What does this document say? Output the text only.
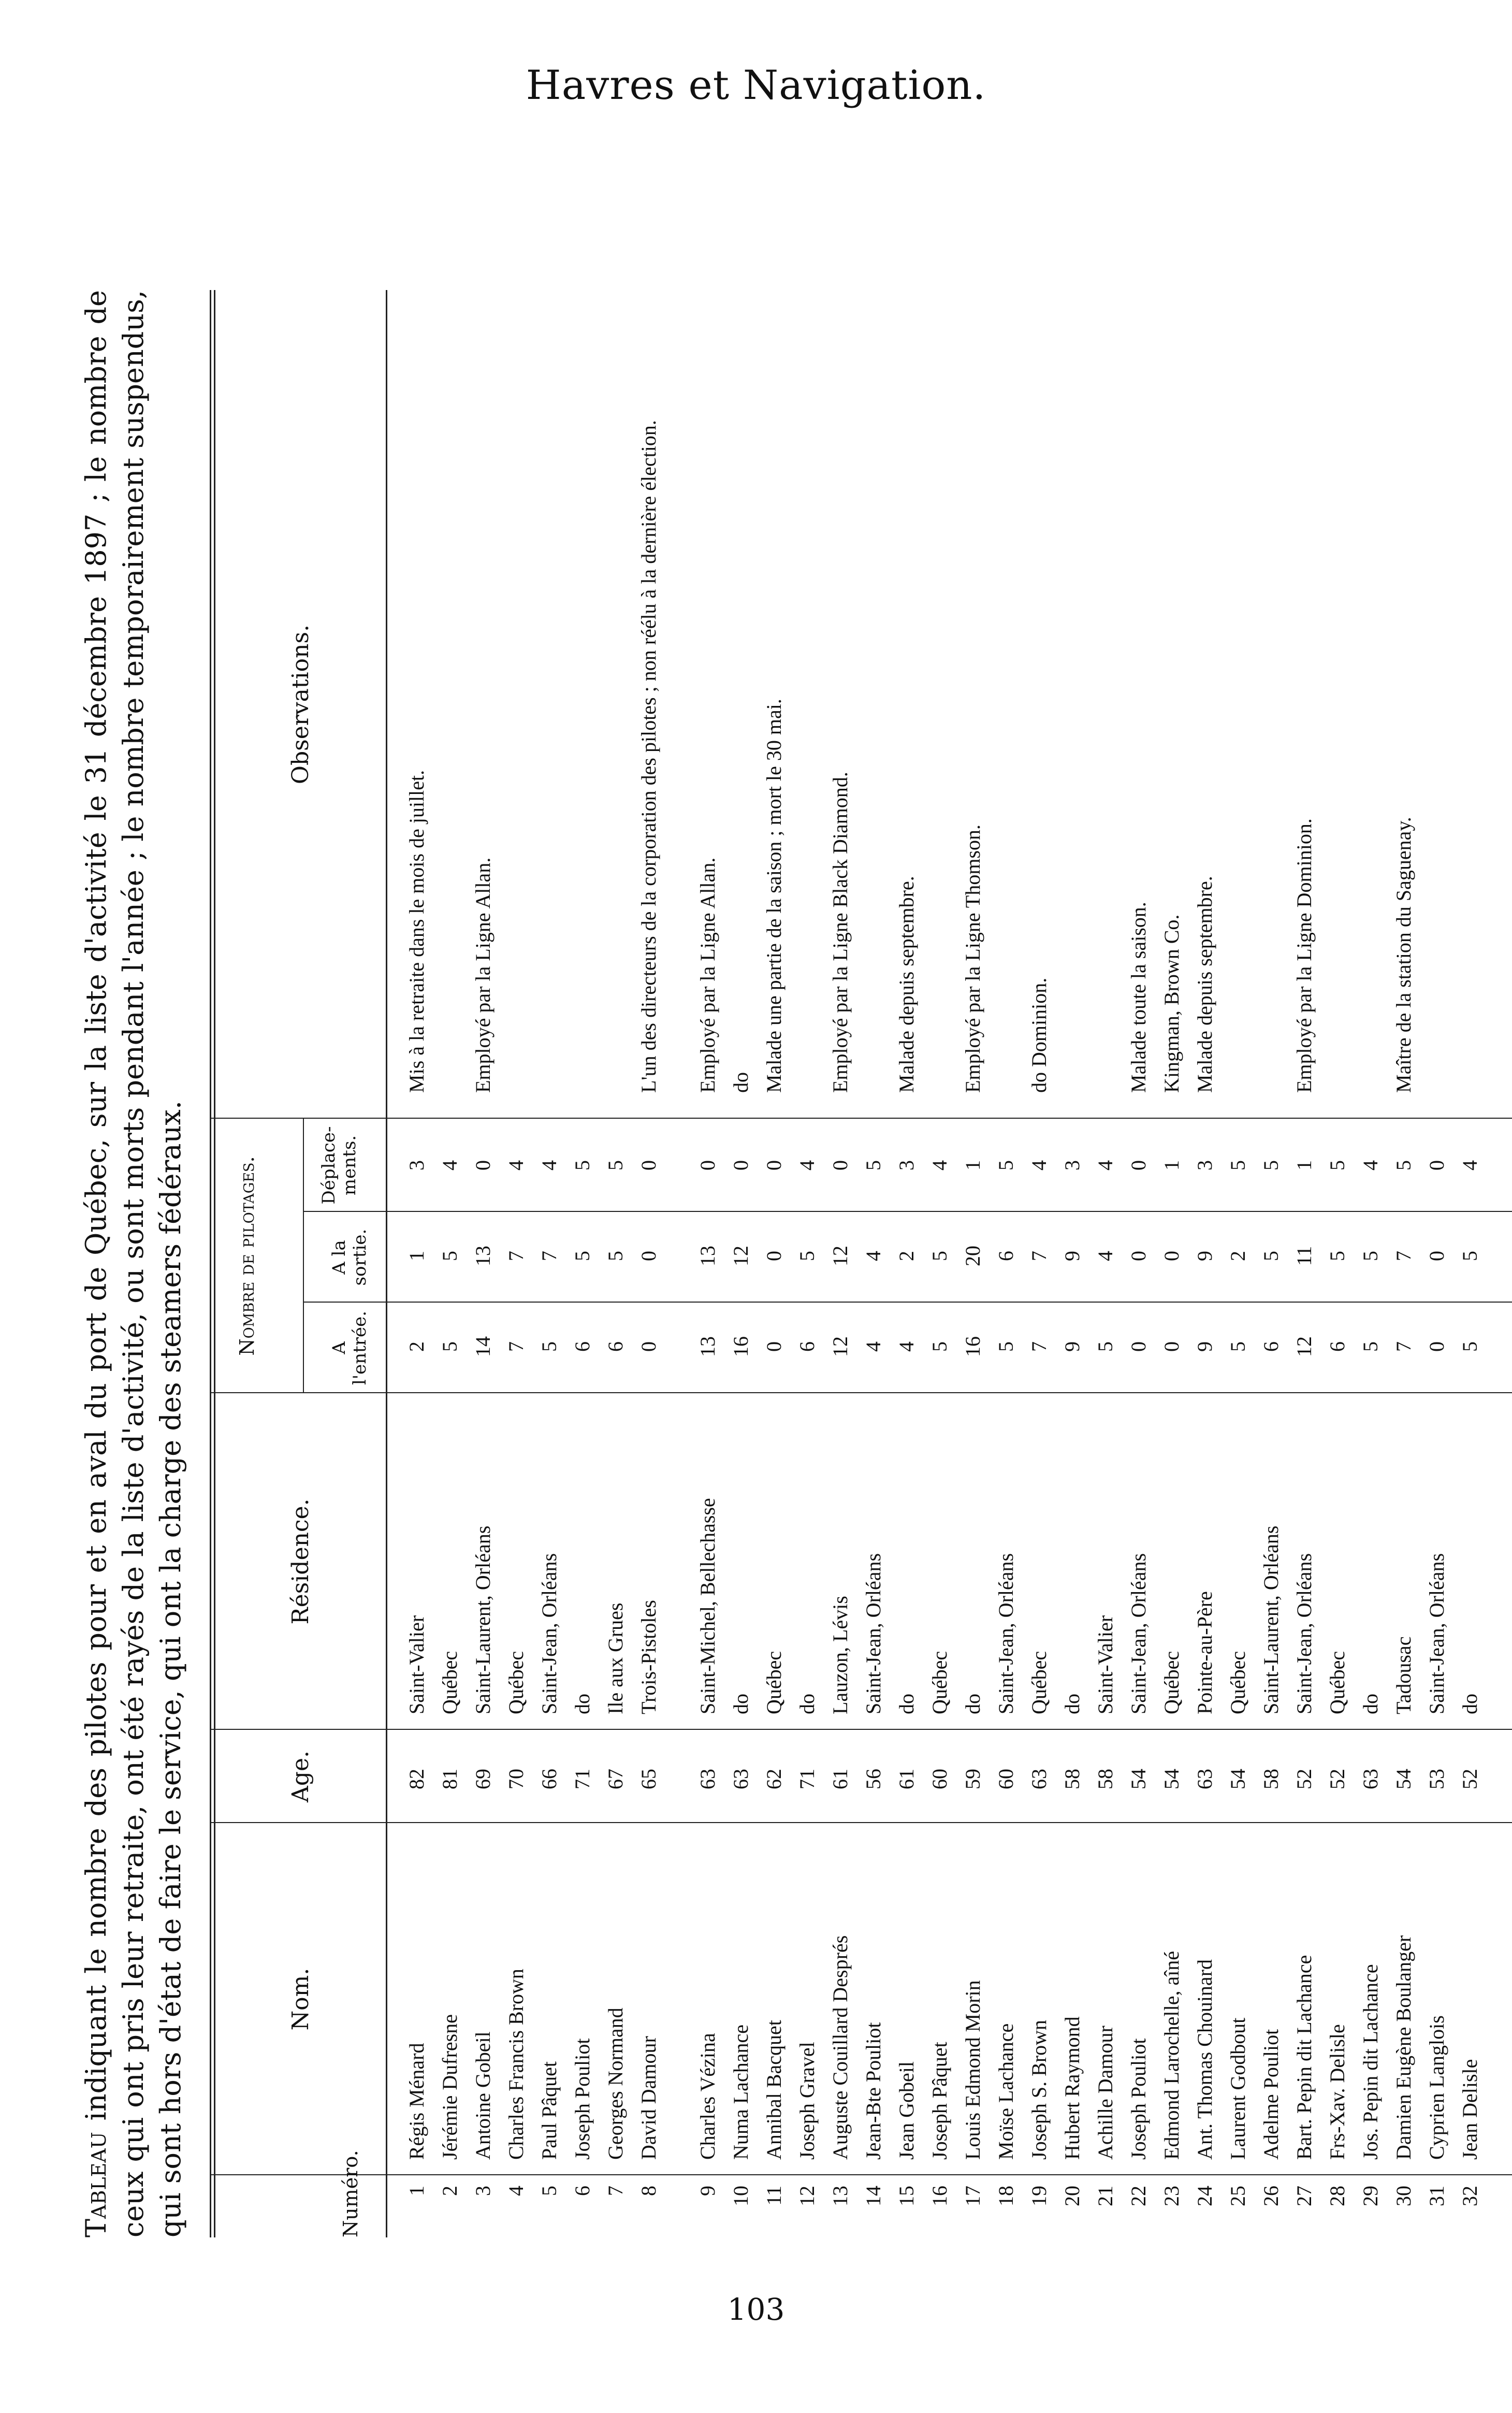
Havres et Navigation.
Tableau indiquant le nombre des pilotes pour et en aval du port de Québec, sur la liste d'activité le 31 décembre 1897 ; le nombre de ceux qui ont pris leur retraite, ont été rayés de la liste d'activité, ou sont morts pendant l'année ; le nombre temporairement suspendus, qui sont hors d'état de faire le service, qui ont la charge des steamers fédéraux.	Numéro.
Nom.
Age.
Résidence.
Nombre de pilotages.	A l'entrée.
A la sortie.
Déplace-ments.
Observations.
1
Régis Ménard
82
Saint-Valier
2
1
3
Mis à la retraite dans le mois de juillet.
2
Jérémie Dufresne
81
Québec
5
5
4
3
Antoine Gobeil
69
Saint-Laurent, Orléans
14
13
0
Employé par la Ligne Allan.
4
Charles Francis Brown
70
Québec
7
7
4
5
Paul Pâquet
66
Saint-Jean, Orléans
5
7
4
6
Joseph Pouliot
71
do
6
5
5
7
Georges Normand
67
Ile aux Grues
6
5
5
8
David Damour
65
Trois-Pistoles
0
0
0
L'un des directeurs de la corporation des pilotes ; non réélu à la dernière élection.
9
Charles Vézina
63
Saint-Michel, Bellechasse
13
13
0
Employé par la Ligne Allan.
10
Numa Lachance
63
do
16
12
0
do
11
Annibal Bacquet
62
Québec
0
0
0
Malade une partie de la saison ; mort le 30 mai.
12
Joseph Gravel
71
do
6
5
4
13
Auguste Couillard Després
61
Lauzon, Lévis
12
12
0
Employé par la Ligne Black Diamond.
14
Jean-Bte Pouliot
56
Saint-Jean, Orléans
4
4
5
15
Jean Gobeil
61
do
4
2
3
Malade depuis septembre.
16
Joseph Pâquet
60
Québec
5
5
4
17
Louis Edmond Morin
59
do
16
20
1
Employé par la Ligne Thomson.
18
Moïse Lachance
60
Saint-Jean, Orléans
5
6
5
19
Joseph S. Brown
63
Québec
7
7
4
do Dominion.
20
Hubert Raymond
58
do
9
9
3
21
Achille Damour
58
Saint-Valier
5
4
4
22
Joseph Pouliot
54
Saint-Jean, Orléans
0
0
0
Malade toute la saison.
23
Edmond Larochelle, aîné
54
Québec
0
0
1
Kingman, Brown Co.
24
Ant. Thomas Chouinard
63
Pointe-au-Père
9
9
3
Malade depuis septembre.
25
Laurent Godbout
54
Québec
5
2
5
26
Adelme Pouliot
58
Saint-Laurent, Orléans
6
5
5
27
Bart. Pepin dit Lachance
52
Saint-Jean, Orléans
12
11
1
Employé par la Ligne Dominion.
28
Frs-Xav. Delisle
52
Québec
6
5
5
29
Jos. Pepin dit Lachance
63
do
5
5
4
30
Damien Eugène Boulanger
54
Tadousac
7
7
5
Maître de la station du Saguenay.
31
Cyprien Langlois
53
Saint-Jean, Orléans
0
0
0
32
Jean Delisle
52
do
5
5
4
103
